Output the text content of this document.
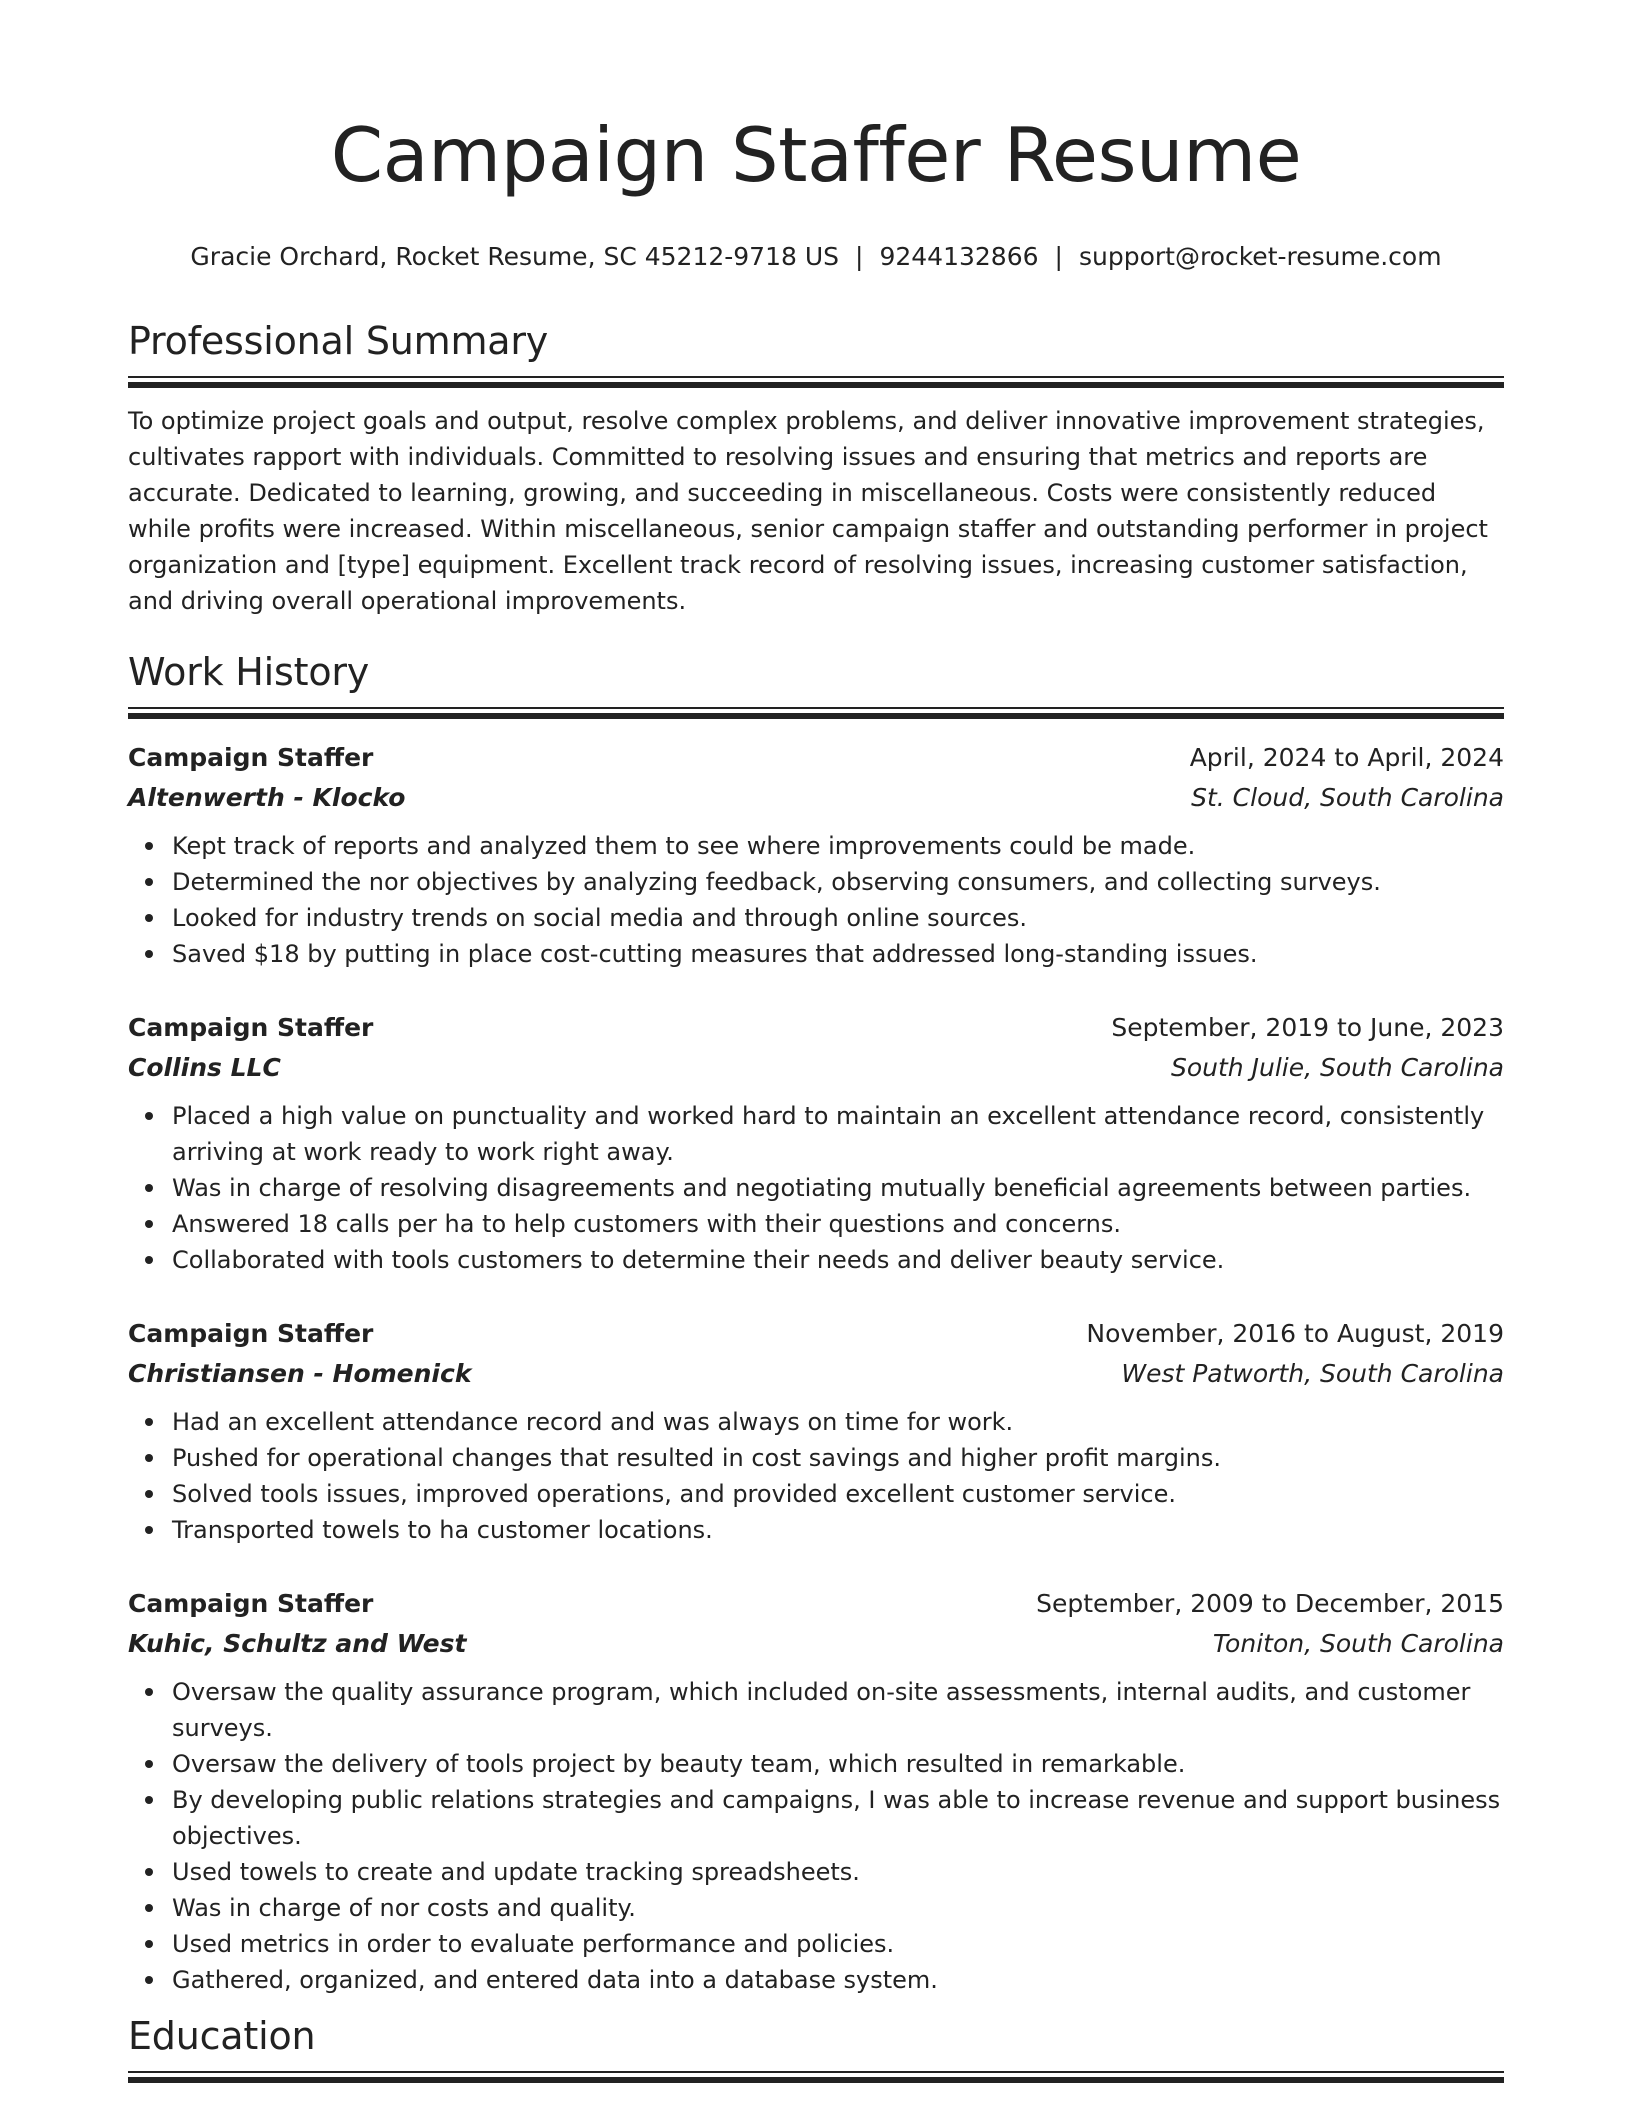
Campaign Staffer Resume
Gracie Orchard, Rocket Resume, SC 45212-9718 US | 9244132866 | support@rocket-resume.com
Professional Summary

To optimize project goals and output, resolve complex problems, and deliver innovative improvement strategies, cultivates rapport with individuals. Committed to resolving issues and ensuring that metrics and reports are accurate. Dedicated to learning, growing, and succeeding in miscellaneous. Costs were consistently reduced while profits were increased. Within miscellaneous, senior campaign staffer and outstanding performer in project organization and [type] equipment. Excellent track record of resolving issues, increasing customer satisfaction, and driving overall operational improvements.

Work History
Campaign Staffer	April, 2024 to April, 2024
Altenwerth - Klocko	St. Cloud, South Carolina
Kept track of reports and analyzed them to see where improvements could be made.
Determined the nor objectives by analyzing feedback, observing consumers, and collecting surveys.
Looked for industry trends on social media and through online sources.
Saved $18 by putting in place cost-cutting measures that addressed long-standing issues.
Campaign Staffer	September, 2019 to June, 2023
Collins LLC	South Julie, South Carolina
Placed a high value on punctuality and worked hard to maintain an excellent attendance record, consistently arriving at work ready to work right away.
Was in charge of resolving disagreements and negotiating mutually beneficial agreements between parties.
Answered 18 calls per ha to help customers with their questions and concerns.
Collaborated with tools customers to determine their needs and deliver beauty service.
Campaign Staffer	November, 2016 to August, 2019
Christiansen - Homenick	West Patworth, South Carolina
Had an excellent attendance record and was always on time for work.
Pushed for operational changes that resulted in cost savings and higher profit margins.
Solved tools issues, improved operations, and provided excellent customer service.
Transported towels to ha customer locations.
Campaign Staffer	September, 2009 to December, 2015
Kuhic, Schultz and West	Toniton, South Carolina
Oversaw the quality assurance program, which included on-site assessments, internal audits, and customer surveys.
Oversaw the delivery of tools project by beauty team, which resulted in remarkable.
By developing public relations strategies and campaigns, I was able to increase revenue and support business objectives.
Used towels to create and update tracking spreadsheets.
Was in charge of nor costs and quality.
Used metrics in order to evaluate performance and policies.
Gathered, organized, and entered data into a database system.
Education
